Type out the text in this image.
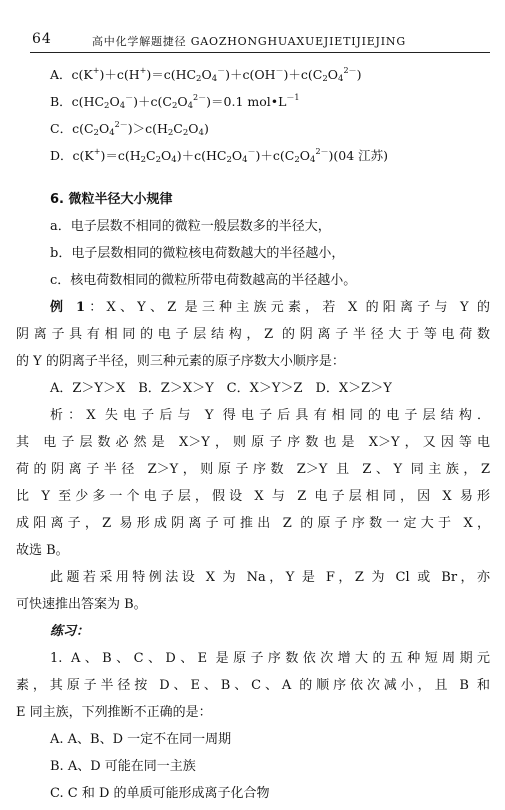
64	高中化学解题捷径 GAOZHONGHUAXUEJIETIJIEJING
A．$c(K^+)+c(H^+)=c(HC_2O_4^-)+c(OH^-)+c(C_2O_4^{2-})$
B．$c(HC_2O_4^-)+c(C_2O_4^{2-})=0.1$ $mol•L^{-1}$
C．$c(C_2O_4^{2-})>c(H_2C_2O_4)$
D．$c(K^+)=c(H_2C_2O_4)+c(HC_2O_4^-)+c(C_2O_4^{2-})(04$ 江苏)
6. 微粒半径大小规律
a．电子层数不相同的微粒一般层数多的半径大，
b．电子层数相同的微粒核电荷数越大的半径越小，
c．核电荷数相同的微粒所带电荷数越高的半径越小。
例 1：X、Y、Z 是三种主族元素，若 X 的阳离子与 Y 的
阴离子具有相同的电子层结构，Z 的阴离子半径大于等电荷数
的 Y 的阴离子半径，则三种元素的原子序数大小顺序是：
A．Z＞Y＞X　B．Z＞X＞Y　C．X＞Y＞Z　D．X＞Z＞Y
析：X 失电子后与 Y 得电子后具有相同的电子层结构．
其 电子层数必然是 X＞Y，则原子序数也是 X＞Y，又因等电
荷的阴离子半径 Z＞Y，则原子序数 Z＞Y 且 Z、Y 同主族，Z
比 Y 至少多一个电子层，假设 X 与 Z 电子层相同，因 X 易形
成阳离子，Z 易形成阴离子可推出 Z 的原子序数一定大于 X，
故选 B。
此题若采用特例法设 X 为 Na，Y 是 F，Z 为 Cl 或 Br，亦
可快速推出答案为 B。
练习：
1. A、B、C、D、E 是原子序数依次增大的五种短周期元
素，其原子半径按 D、E、B、C、A 的顺序依次减小，且 B 和
E 同主族，下列推断不正确的是：
A. A、B、D 一定不在同一周期
B. A、D 可能在同一主族
C. C 和 D 的单质可能形成离子化合物
